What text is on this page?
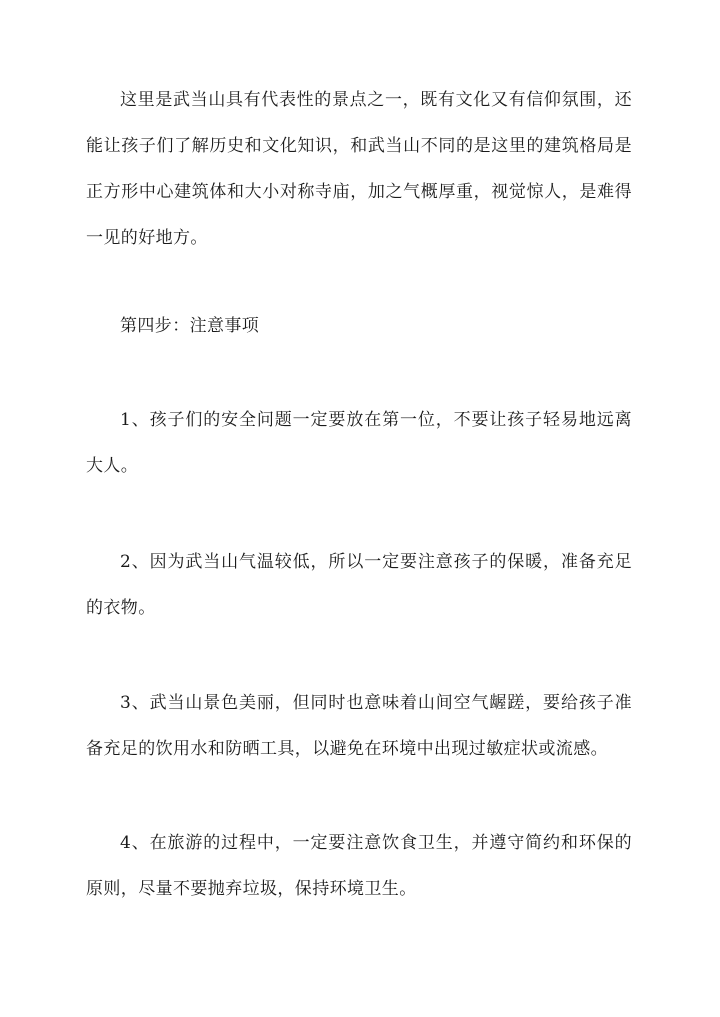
这里是武当山具有代表性的景点之一，既有文化又有信仰氛围，还能让孩子们了解历史和文化知识，和武当山不同的是这里的建筑格局是正方形中心建筑体和大小对称寺庙，加之气概厚重，视觉惊人，是难得一见的好地方。

第四步：注意事项

1、孩子们的安全问题一定要放在第一位，不要让孩子轻易地远离大人。

2、因为武当山气温较低，所以一定要注意孩子的保暖，准备充足的衣物。

3、武当山景色美丽，但同时也意味着山间空气龌蹉，要给孩子准备充足的饮用水和防晒工具，以避免在环境中出现过敏症状或流感。

4、在旅游的过程中，一定要注意饮食卫生，并遵守简约和环保的原则，尽量不要抛弃垃圾，保持环境卫生。
